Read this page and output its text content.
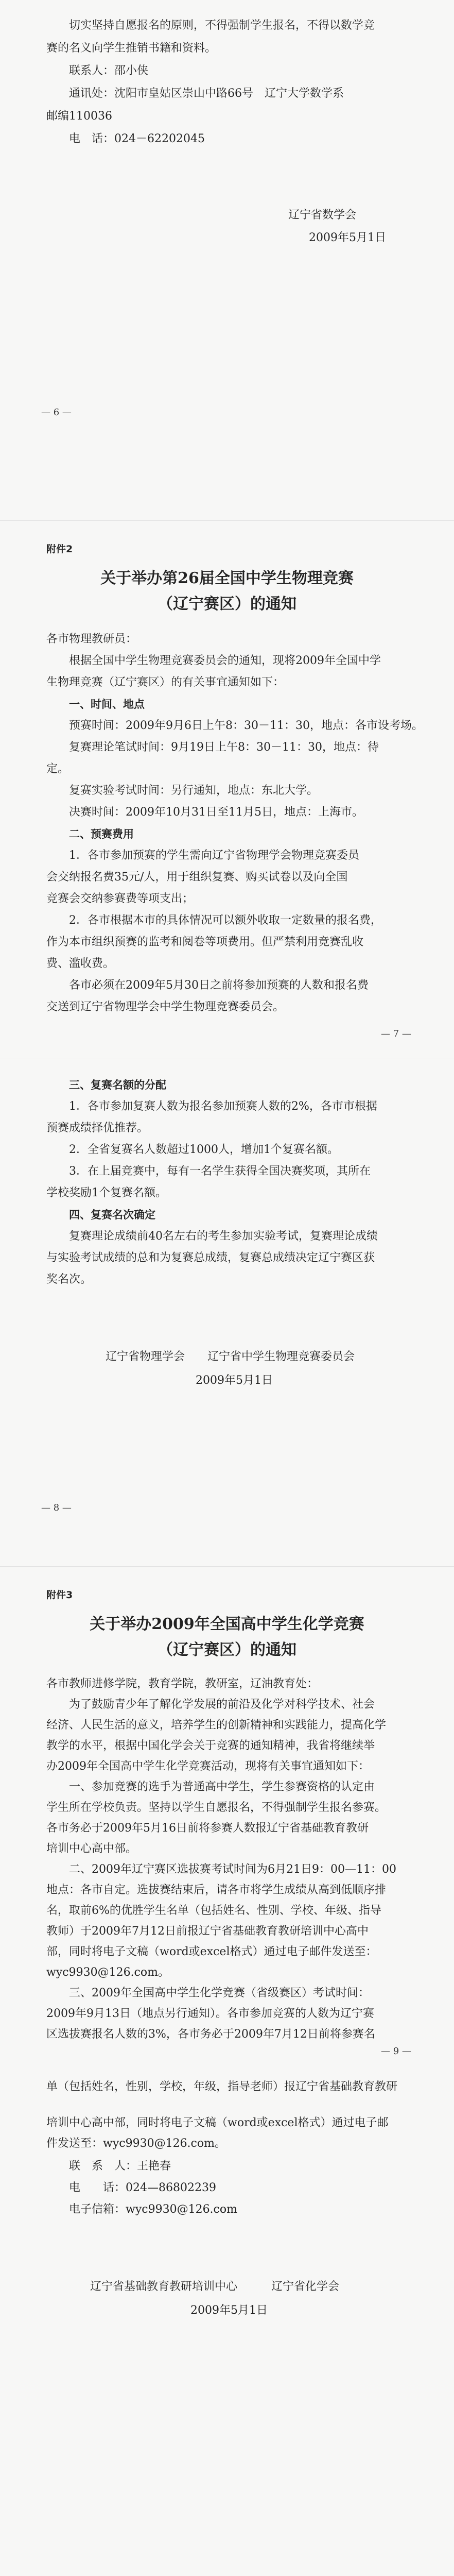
切实坚持自愿报名的原则，不得强制学生报名，不得以数学竞

赛的名义向学生推销书籍和资料。

联系人：邵小侠

通讯处：沈阳市皇姑区崇山中路66号　辽宁大学数学系

邮编110036

电　话：024－62202045

辽宁省数学会
2009年5月1日
— 6 —
附件2
关于举办第26届全国中学生物理竞赛
（辽宁赛区）的通知

各市物理教研员：

根据全国中学生物理竞赛委员会的通知，现将2009年全国中学

生物理竞赛（辽宁赛区）的有关事宜通知如下：

一、时间、地点

预赛时间：2009年9月6日上午8：30－11：30，地点：各市设考场。

复赛理论笔试时间：9月19日上午8：30－11：30，地点：待

定。

复赛实验考试时间：另行通知，地点：东北大学。

决赛时间：2009年10月31日至11月5日，地点：上海市。

二、预赛费用

1．各市参加预赛的学生需向辽宁省物理学会物理竞赛委员

会交纳报名费35元/人，用于组织复赛、购买试卷以及向全国

竞赛会交纳参赛费等项支出；

2．各市根据本市的具体情况可以额外收取一定数量的报名费，

作为本市组织预赛的监考和阅卷等项费用。但严禁利用竞赛乱收

费、滥收费。

各市必须在2009年5月30日之前将参加预赛的人数和报名费

交送到辽宁省物理学会中学生物理竞赛委员会。

— 7 —

三、复赛名额的分配

1．各市参加复赛人数为报名参加预赛人数的2%，各市市根据

预赛成绩择优推荐。

2．全省复赛名人数超过1000人，增加1个复赛名额。

3．在上届竞赛中，每有一名学生获得全国决赛奖项，其所在

学校奖励1个复赛名额。

四、复赛名次确定

复赛理论成绩前40名左右的考生参加实验考试，复赛理论成绩

与实验考试成绩的总和为复赛总成绩，复赛总成绩决定辽宁赛区获

奖名次。

辽宁省物理学会　　辽宁省中学生物理竞赛委员会
2009年5月1日
— 8 —
附件3
关于举办2009年全国高中学生化学竞赛
（辽宁赛区）的通知

各市教师进修学院，教育学院，教研室，辽油教育处：

为了鼓励青少年了解化学发展的前沿及化学对科学技术、社会

经济、人民生活的意义，培养学生的创新精神和实践能力，提高化学

教学的水平，根据中国化学会关于竞赛的通知精神，我省将继续举

办2009年全国高中学生化学竞赛活动，现将有关事宜通知如下：

一、参加竞赛的选手为普通高中学生，学生参赛资格的认定由

学生所在学校负责。坚持以学生自愿报名，不得强制学生报名参赛。

各市务必于2009年5月16日前将参赛人数报辽宁省基础教育教研

培训中心高中部。

二、2009年辽宁赛区选拔赛考试时间为6月21日9：00—11：00

地点：各市自定。选拔赛结束后，请各市将学生成绩从高到低顺序排

名，取前6%的优胜学生名单（包括姓名、性别、学校、年级、指导

教师）于2009年7月12日前报辽宁省基础教育教研培训中心高中

部，同时将电子文稿（word或excel格式）通过电子邮件发送至：

wyc9930@126.com。

三、2009年全国高中学生化学竞赛（省级赛区）考试时间：

2009年9月13日（地点另行通知）。各市参加竞赛的人数为辽宁赛

区选拔赛报名人数的3%，各市务必于2009年7月12日前将参赛名

— 9 —

单（包括姓名，性别，学校，年级，指导老师）报辽宁省基础教育教研

培训中心高中部，同时将电子文稿（word或excel格式）通过电子邮

件发送至：wyc9930@126.com。

联　系　人：王艳春

电　　话：024—86802239

电子信箱：wyc9930@126.com

辽宁省基础教育教研培训中心　　　辽宁省化学会
2009年5月1日
